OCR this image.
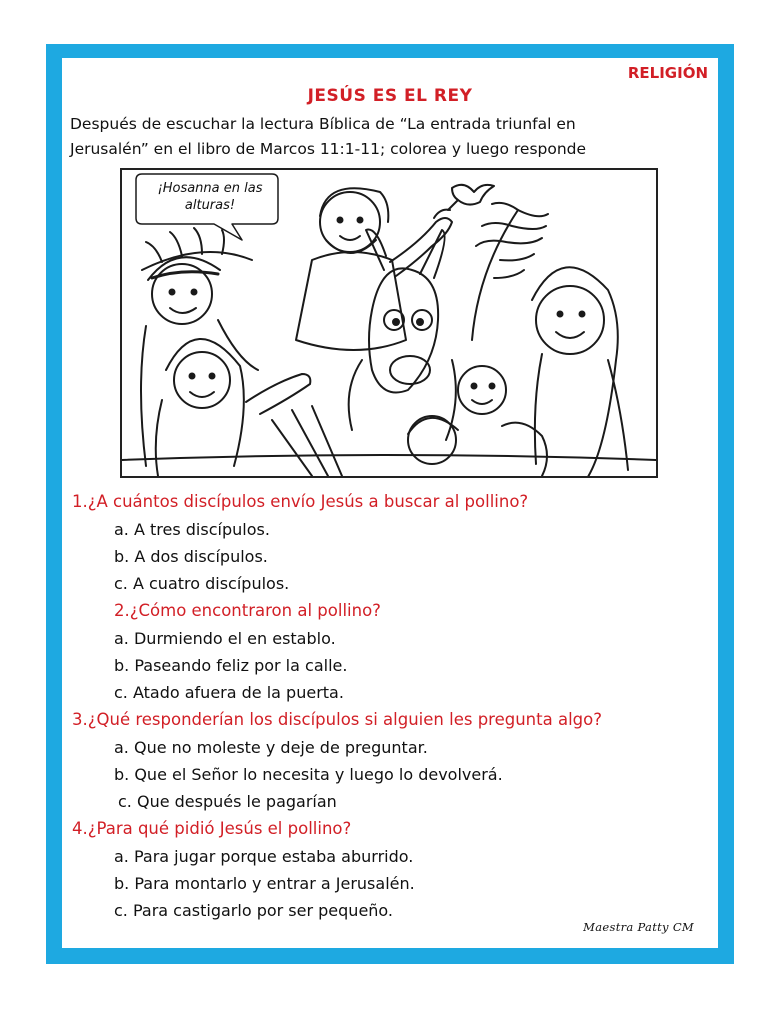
RELIGIÓN
JESÚS ES EL REY
Después de escuchar la lectura Bíblica de “La entrada triunfal en
Jerusalén” en el libro de Marcos 11:1-11; colorea y luego responde
¡Hosanna en las
alturas!
1.¿A cuántos discípulos envío Jesús a buscar al pollino?
a. A tres discípulos.
b. A dos discípulos.
c. A cuatro discípulos.
2.¿Cómo encontraron al pollino?
a. Durmiendo el en establo.
b. Paseando feliz por la calle.
c. Atado afuera de la puerta.
3.¿Qué responderían los discípulos si alguien les pregunta algo?
a. Que no moleste y deje de preguntar.
b. Que el Señor lo necesita y luego lo devolverá.
c. Que después le pagarían
4.¿Para qué pidió Jesús el pollino?
a. Para jugar porque estaba aburrido.
b. Para montarlo y entrar a Jerusalén.
c. Para castigarlo por ser pequeño.
Maestra Patty CM
